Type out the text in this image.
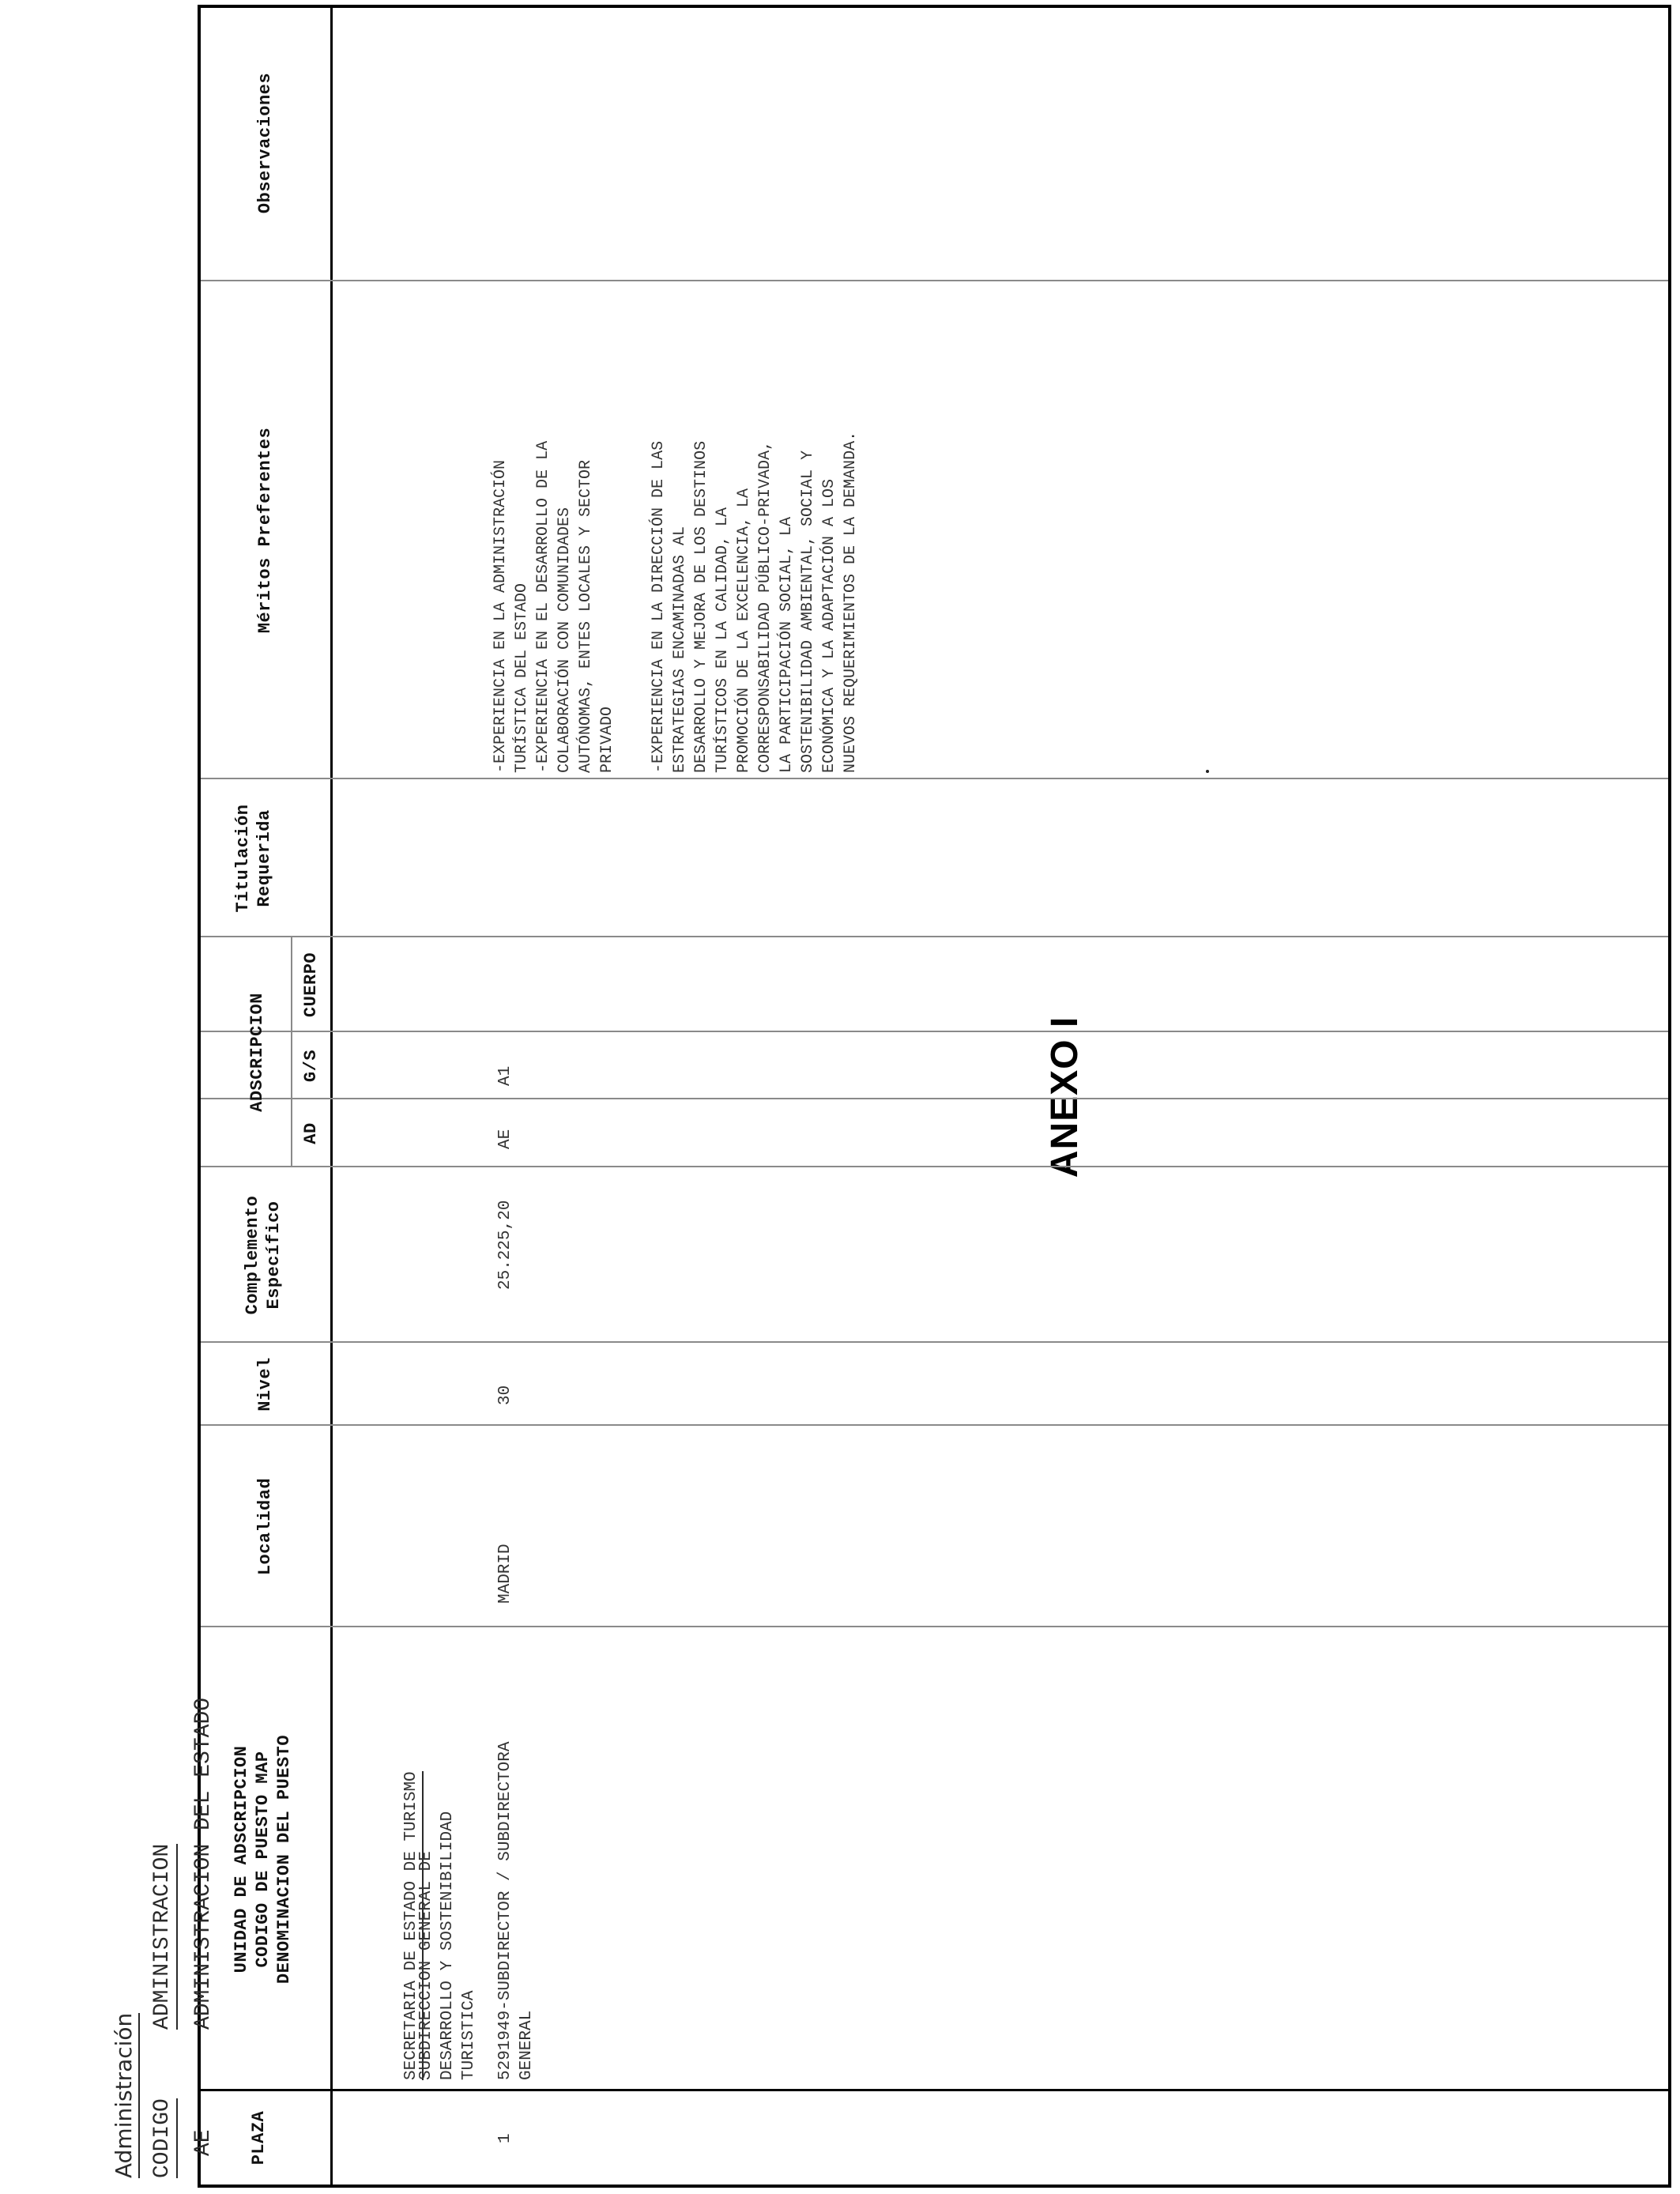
ANEXO I
PLAZA
UNIDAD DE ADSCRIPCION
CODIGO DE PUESTO MAP
DENOMINACION DEL PUESTO
Localidad
Nivel
Complemento
Específico
ADSCRIPCION
AD
G/S
CUERPO
Titulación
Requerida
Méritos Preferentes
Observaciones
1

SECRETARIA DE ESTADO DE TURISMO

SUBDIRECCION GENERAL DE
DESARROLLO Y SOSTENIBILIDAD
TURISTICA 5291949-SUBDIRECTOR / SUBDIRECTORA
GENERAL
MADRID
30
25.225,20
AE
A1
-EXPERIENCIA EN LA ADMINISTRACIÓN
TURÍSTICA DEL ESTADO
-EXPERIENCIA EN EL DESARROLLO DE LA
COLABORACIÓN CON COMUNIDADES
AUTÓNOMAS, ENTES LOCALES Y SECTOR
PRIVADO -EXPERIENCIA EN LA DIRECCIÓN DE LAS
ESTRATEGIAS ENCAMINADAS AL
DESARROLLO Y MEJORA DE LOS DESTINOS
TURÍSTICOS EN LA CALIDAD, LA
PROMOCIÓN DE LA EXCELENCIA, LA
CORRESPONSABILIDAD PÚBLICO-PRIVADA,
LA PARTICIPACIÓN SOCIAL, LA
SOSTENIBILIDAD AMBIENTAL, SOCIAL Y
ECONÓMICA Y LA ADAPTACIÓN A LOS
NUEVOS REQUERIMIENTOS DE LA DEMANDA.
Administración CODIGO
ADMINISTRACION
AE
ADMINISTRACION DEL ESTADO
